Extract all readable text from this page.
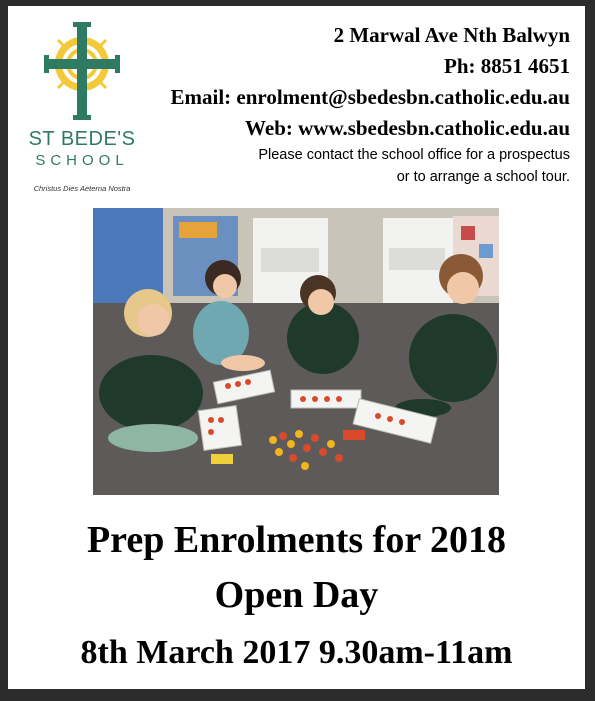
ST BEDE'S
SCHOOL
Christus Dies Aeterna Nostra
2 Marwal Ave Nth Balwyn
Ph: 8851 4651
Email: enrolment@sbedesbn.catholic.edu.au
Web: www.sbedesbn.catholic.edu.au
Please contact the school office for a prospectus
or to arrange a school tour.
Prep Enrolments for 2018
Open Day
8th March 2017 9.30am-11am
